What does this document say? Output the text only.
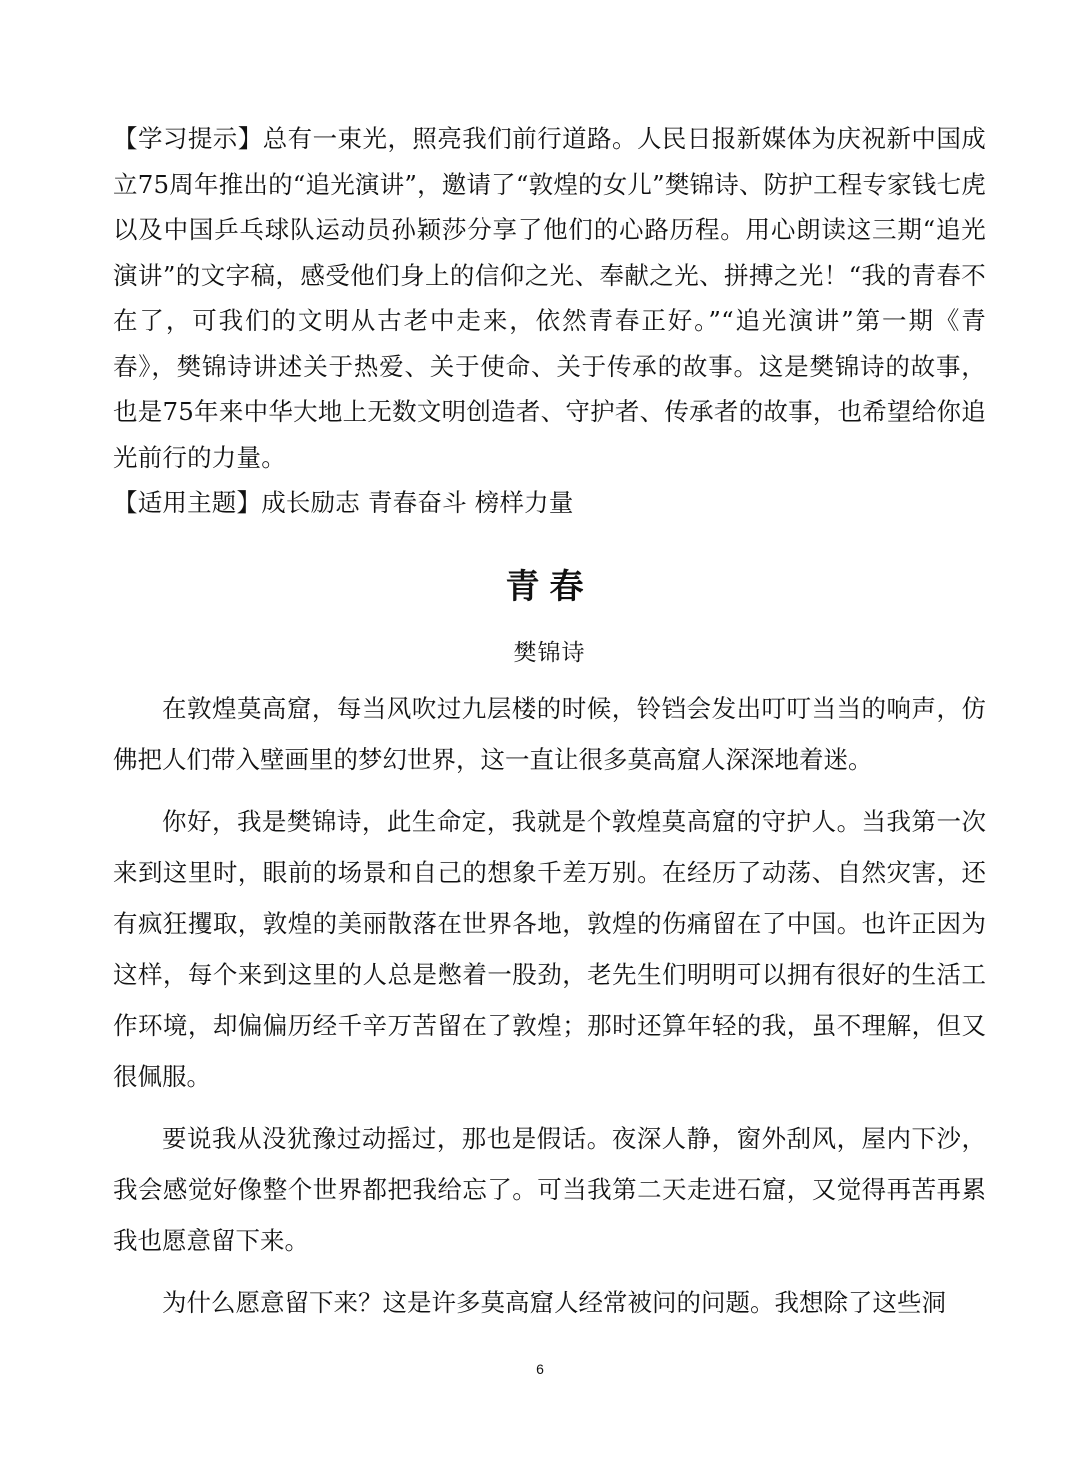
【学习提示】总有一束光，照亮我们前行道路。人民日报新媒体为庆祝新中国成立75周年推出的“追光演讲”，邀请了“敦煌的女儿”樊锦诗、防护工程专家钱七虎以及中国乒乓球队运动员孙颖莎分享了他们的心路历程。用心朗读这三期“追光演讲”的文字稿，感受他们身上的信仰之光、奉献之光、拼搏之光！“我的青春不在了，可我们的文明从古老中走来，依然青春正好。”“追光演讲”第一期《青春》，樊锦诗讲述关于热爱、关于使命、关于传承的故事。这是樊锦诗的故事，也是75年来中华大地上无数文明创造者、守护者、传承者的故事，也希望给你追光前行的力量。

【适用主题】成长励志 青春奋斗 榜样力量

青春
樊锦诗

在敦煌莫高窟，每当风吹过九层楼的时候，铃铛会发出叮叮当当的响声，仿佛把人们带入壁画里的梦幻世界，这一直让很多莫高窟人深深地着迷。

你好，我是樊锦诗，此生命定，我就是个敦煌莫高窟的守护人。当我第一次来到这里时，眼前的场景和自己的想象千差万别。在经历了动荡、自然灾害，还有疯狂攫取，敦煌的美丽散落在世界各地，敦煌的伤痛留在了中国。也许正因为这样，每个来到这里的人总是憋着一股劲，老先生们明明可以拥有很好的生活工作环境，却偏偏历经千辛万苦留在了敦煌；那时还算年轻的我，虽不理解，但又很佩服。

要说我从没犹豫过动摇过，那也是假话。夜深人静，窗外刮风，屋内下沙，我会感觉好像整个世界都把我给忘了。可当我第二天走进石窟，又觉得再苦再累我也愿意留下来。

为什么愿意留下来？这是许多莫高窟人经常被问的问题。我想除了这些洞

6
